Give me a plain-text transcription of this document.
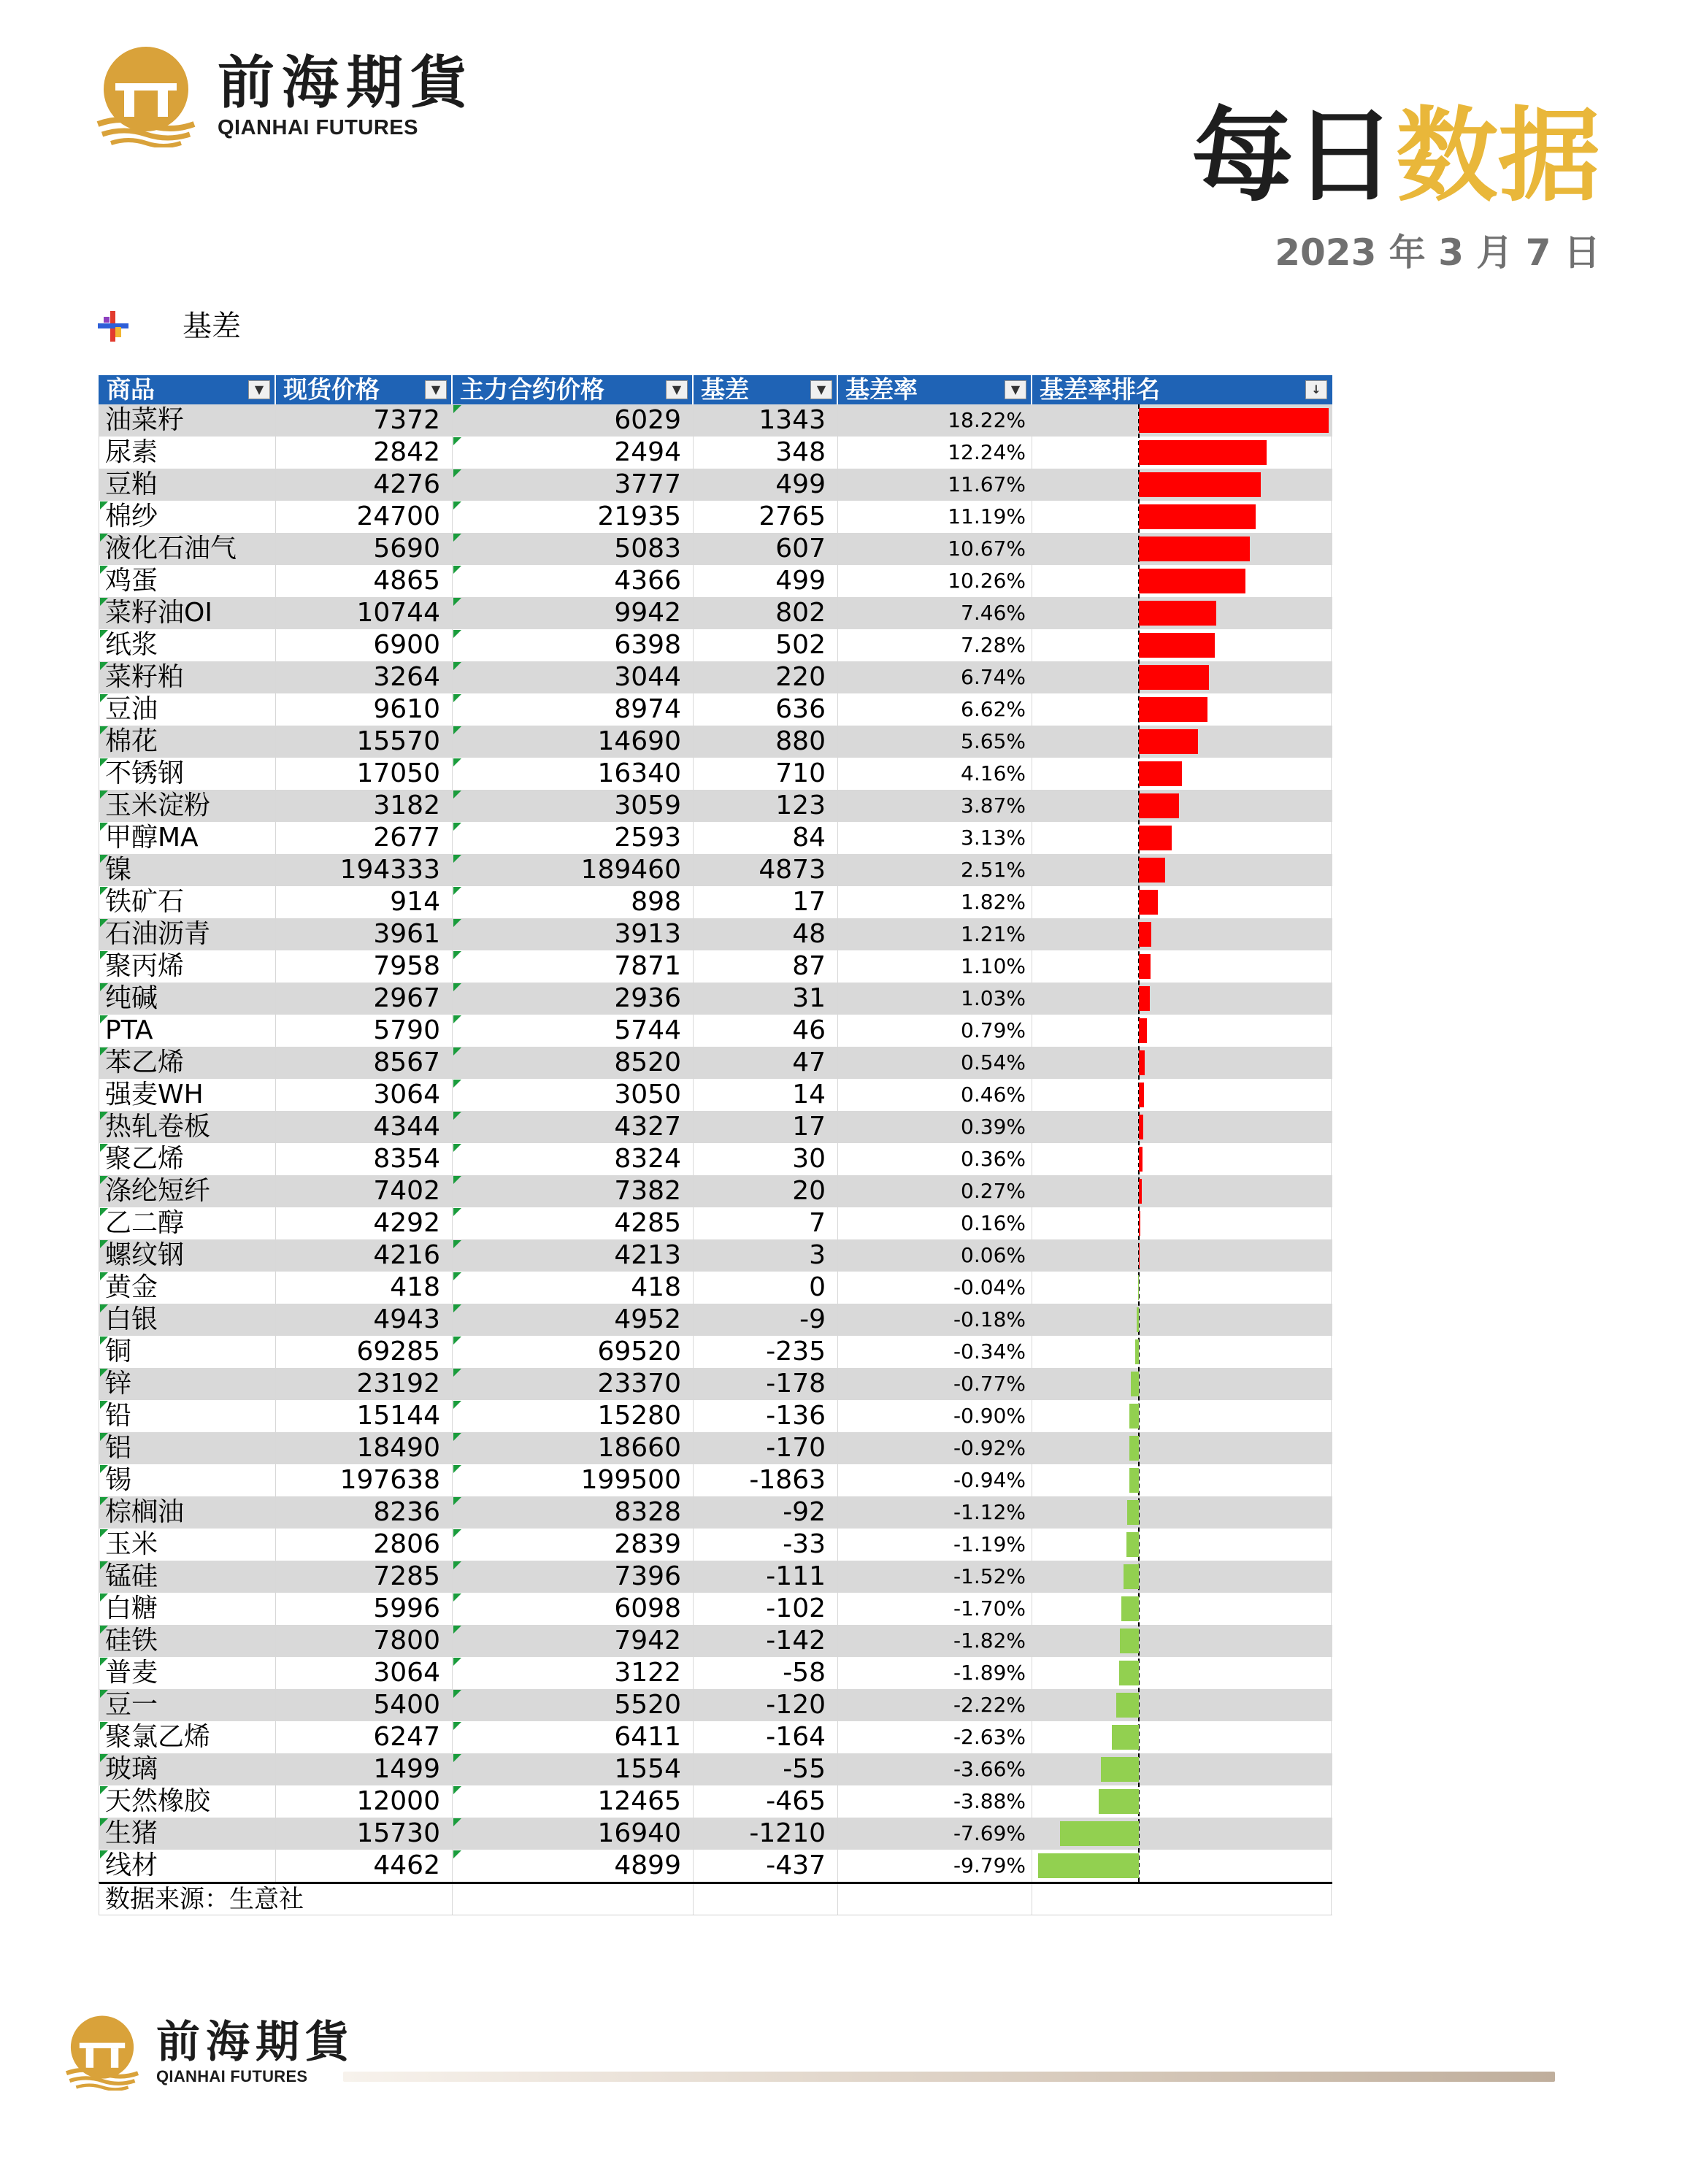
前海期貨
QIANHAI FUTURES	每日数据
2023 年 3 月 7 日
基差
商品	▼ 现货价格	▼ 主力合约价格	▼ 基差	▼ 基差率	▼ 基差率排名	↓
油菜籽	7372	6029	1343	18.22%
尿素	2842	2494	348	12.24%
豆粕	4276	3777	499	11.67%
棉纱	24700	21935	2765	11.19%
液化石油气	5690	5083	607	10.67%
鸡蛋	4865	4366	499	10.26%
菜籽油OI	10744	9942	802	7.46%
纸浆	6900	6398	502	7.28%
菜籽粕	3264	3044	220	6.74%
豆油	9610	8974	636	6.62%
棉花	15570	14690	880	5.65%
不锈钢	17050	16340	710	4.16%
玉米淀粉	3182	3059	123	3.87%
甲醇MA	2677	2593	84	3.13%
镍	194333	189460	4873	2.51%
铁矿石	914	898	17	1.82%
石油沥青	3961	3913	48	1.21%
聚丙烯	7958	7871	87	1.10%
纯碱	2967	2936	31	1.03%
PTA	5790	5744	46	0.79%
苯乙烯	8567	8520	47	0.54%
强麦WH	3064	3050	14	0.46%
热轧卷板	4344	4327	17	0.39%
聚乙烯	8354	8324	30	0.36%
涤纶短纤	7402	7382	20	0.27%
乙二醇	4292	4285	7	0.16%
螺纹钢	4216	4213	3	0.06%
黄金	418	418	0	-0.04%
白银	4943	4952	-9	-0.18%
铜	69285	69520	-235	-0.34%
锌	23192	23370	-178	-0.77%
铅	15144	15280	-136	-0.90%
铝	18490	18660	-170	-0.92%
锡	197638	199500	-1863	-0.94%
棕榈油	8236	8328	-92	-1.12%
玉米	2806	2839	-33	-1.19%
锰硅	7285	7396	-111	-1.52%
白糖	5996	6098	-102	-1.70%
硅铁	7800	7942	-142	-1.82%
普麦	3064	3122	-58	-1.89%
豆一	5400	5520	-120	-2.22%
聚氯乙烯	6247	6411	-164	-2.63%
玻璃	1499	1554	-55	-3.66%
天然橡胶	12000	12465	-465	-3.88%
生猪	15730	16940	-1210	-7.69%
线材	4462	4899	-437	-9.79%
数据来源：生意社
前海期貨
QIANHAI FUTURES
